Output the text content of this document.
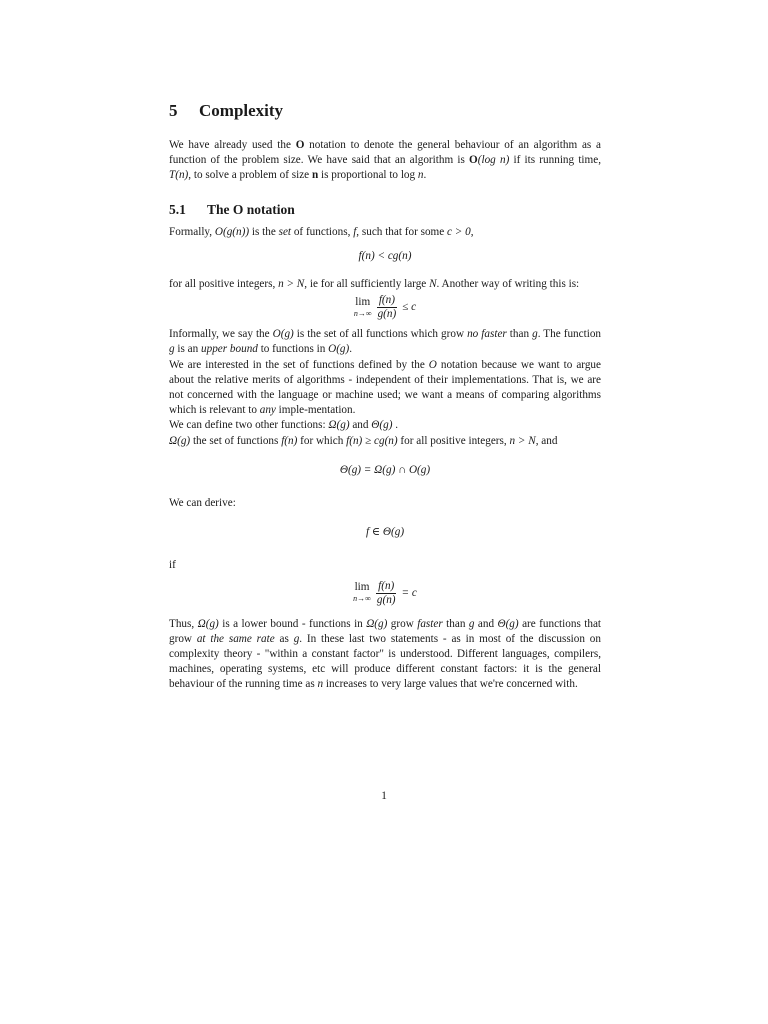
5 Complexity

We have already used the O notation to denote the general behaviour of an algorithm as a function of the problem size. We have said that an algorithm is O(log n) if its running time, T(n), to solve a problem of size n is proportional to log n.

5.1 The O notation

Formally, O(g(n)) is the set of functions, f, such that for some c > 0,

f(n) < cg(n)

for all positive integers, n > N, ie for all sufficiently large N. Another way of writing this is:

lim
$n\to\infty \frac{f(n)}{g(n)} \le c$

Informally, we say the O(g) is the set of all functions which grow no faster than g. The function g is an upper bound to functions in O(g).

We are interested in the set of functions defined by the O notation because we want to argue about the relative merits of algorithms - independent of their implementations. That is, we are not concerned with the language or machine used; we want a means of comparing algorithms which is relevant to any imple-mentation.

We can define two other functions: Ω(g) and Θ(g) .

Ω(g) the set of functions f(n) for which f(n) ≥ cg(n) for all positive integers, n > N, and

Θ(g) = Ω(g) ∩ O(g)

We can derive:

f ∈ Θ(g)

if

lim
$n\to\infty \frac{f(n)}{g(n)} = c$

Thus, Ω(g) is a lower bound - functions in Ω(g) grow faster than g and Θ(g) are functions that grow at the same rate as g. In these last two statements - as in most of the discussion on complexity theory - "within a constant factor" is understood. Different languages, compilers, machines, operating systems, etc will produce different constant factors: it is the general behaviour of the running time as n increases to very large values that we're concerned with.

1
